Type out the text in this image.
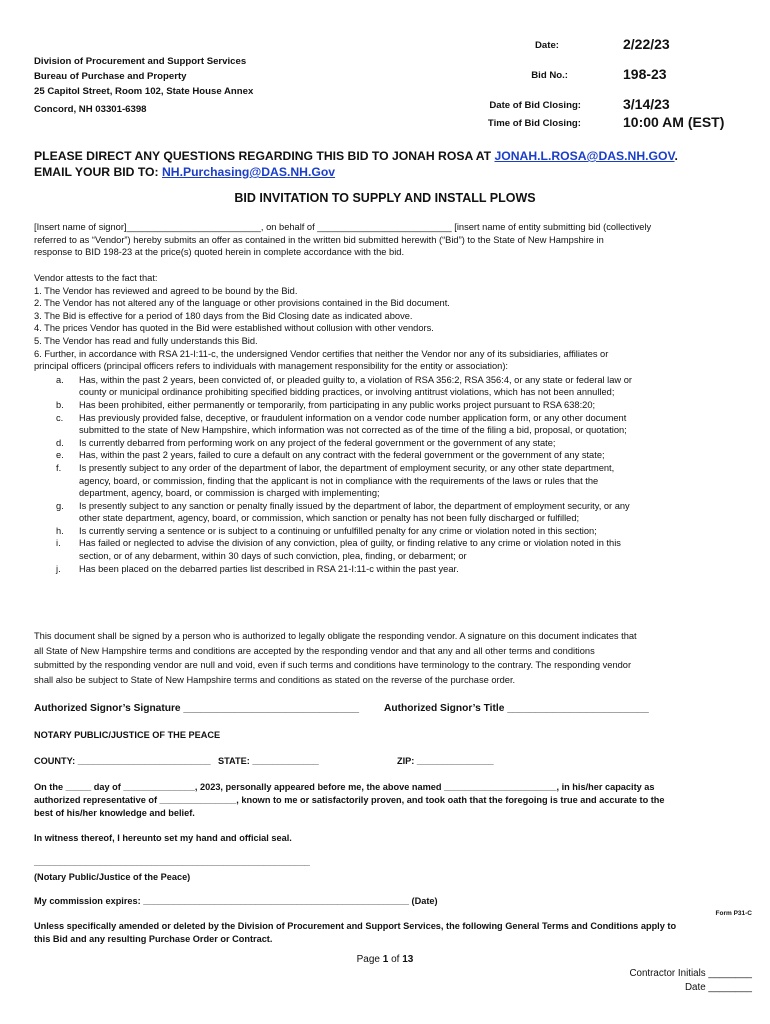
Division of Procurement and Support Services
Bureau of Purchase and Property
25 Capitol Street, Room 102, State House Annex
Concord, NH 03301-6398
Date:	2/22/23
Bid No.:	198-23
Date of Bid Closing:	3/14/23
Time of Bid Closing:	10:00 AM (EST)
PLEASE DIRECT ANY QUESTIONS REGARDING THIS BID TO JONAH ROSA AT JONAH.L.ROSA@DAS.NH.GOV.
EMAIL YOUR BID TO: NH.Purchasing@DAS.NH.Gov
BID INVITATION TO SUPPLY AND INSTALL PLOWS
[Insert name of signor]__________________________, on behalf of __________________________ [insert name of entity submitting bid (collectively
referred to as “Vendor”) hereby submits an offer as contained in the written bid submitted herewith (“Bid”) to the State of New Hampshire in
response to BID 198-23 at the price(s) quoted herein in complete accordance with the bid.
Vendor attests to the fact that:
1. The Vendor has reviewed and agreed to be bound by the Bid.
2. The Vendor has not altered any of the language or other provisions contained in the Bid document.
3. The Bid is effective for a period of 180 days from the Bid Closing date as indicated above.
4. The prices Vendor has quoted in the Bid were established without collusion with other vendors.
5. The Vendor has read and fully understands this Bid.
6. Further, in accordance with RSA 21-I:11-c, the undersigned Vendor certifies that neither the Vendor nor any of its subsidiaries, affiliates or
principal officers (principal officers refers to individuals with management responsibility for the entity or association):
a. Has, within the past 2 years, been convicted of, or pleaded guilty to, a violation of RSA 356:2, RSA 356:4, or any state or federal law or
county or municipal ordinance prohibiting specified bidding practices, or involving antitrust violations, which has not been annulled;
b. Has been prohibited, either permanently or temporarily, from participating in any public works project pursuant to RSA 638:20;
c. Has previously provided false, deceptive, or fraudulent information on a vendor code number application form, or any other document
submitted to the state of New Hampshire, which information was not corrected as of the time of the filing a bid, proposal, or quotation;
d. Is currently debarred from performing work on any project of the federal government or the government of any state;
e. Has, within the past 2 years, failed to cure a default on any contract with the federal government or the government of any state;
f. Is presently subject to any order of the department of labor, the department of employment security, or any other state department,
agency, board, or commission, finding that the applicant is not in compliance with the requirements of the laws or rules that the
department, agency, board, or commission is charged with implementing;
g. Is presently subject to any sanction or penalty finally issued by the department of labor, the department of employment security, or any
other state department, agency, board, or commission, which sanction or penalty has not been fully discharged or fulfilled;
h. Is currently serving a sentence or is subject to a continuing or unfulfilled penalty for any crime or violation noted in this section;
i. Has failed or neglected to advise the division of any conviction, plea of guilty, or finding relative to any crime or violation noted in this
section, or of any debarment, within 30 days of such conviction, plea, finding, or debarment; or
j. Has been placed on the debarred parties list described in RSA 21-I:11-c within the past year.
This document shall be signed by a person who is authorized to legally obligate the responding vendor. A signature on this document indicates that
all State of New Hampshire terms and conditions are accepted by the responding vendor and that any and all other terms and conditions
submitted by the responding vendor are null and void, even if such terms and conditions have terminology to the contrary. The responding vendor
shall also be subject to State of New Hampshire terms and conditions as stated on the reverse of the purchase order.
Authorized Signor’s Signature _______________________________ Authorized Signor’s Title _________________________
NOTARY PUBLIC/JUSTICE OF THE PEACE
COUNTY: __________________________ STATE: _____________	ZIP: _______________
On the _____ day of ______________, 2023, personally appeared before me, the above named ______________________, in his/her capacity as
authorized representative of _______________, known to me or satisfactorily proven, and took oath that the foregoing is true and accurate to the
best of his/her knowledge and belief.
In witness thereof, I hereunto set my hand and official seal.
______________________________________________________
(Notary Public/Justice of the Peace)
My commission expires: ____________________________________________________ (Date)
Form P31-C
Unless specifically amended or deleted by the Division of Procurement and Support Services, the following General Terms and Conditions apply to
this Bid and any resulting Purchase Order or Contract.
Page 1 of 13
Contractor Initials ________
Date ________
